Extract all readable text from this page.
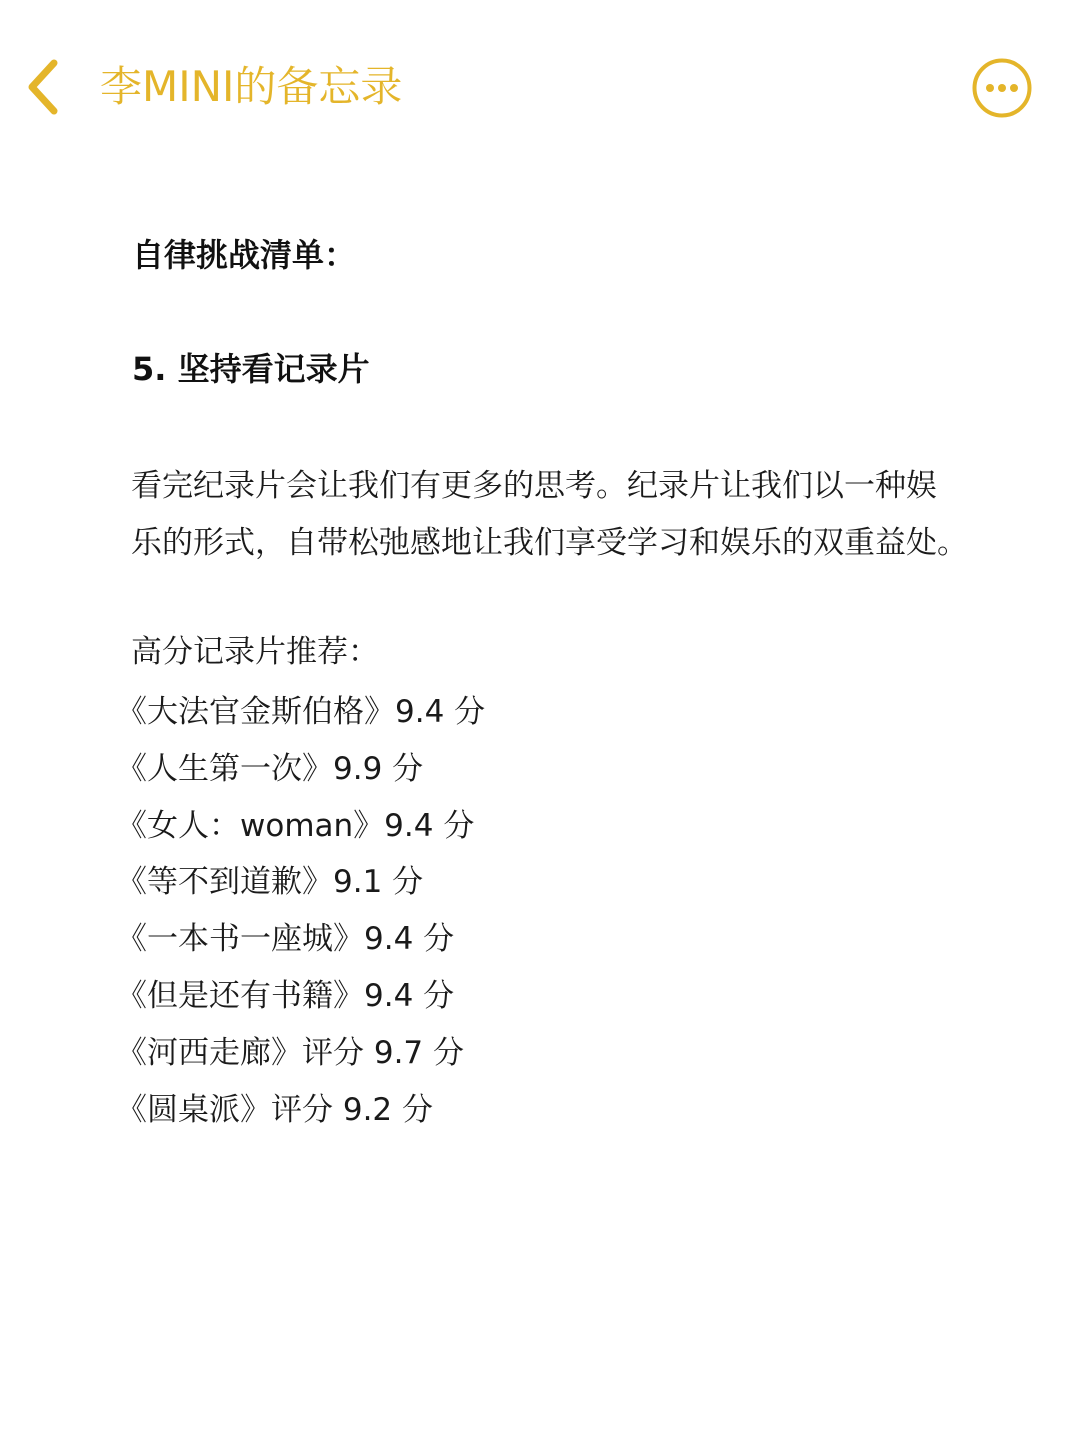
李MINI的备忘录
自律挑战清单：
5. 坚持看记录片
看完纪录片会让我们有更多的思考。纪录片让我们以一种娱
乐的形式，自带松弛感地让我们享受学习和娱乐的双重益处。
高分记录片推荐：
《大法官金斯伯格》9.4 分
《人生第一次》9.9 分
《女人：woman》9.4 分
《等不到道歉》9.1 分
《一本书一座城》9.4 分
《但是还有书籍》9.4 分
《河西走廊》评分 9.7 分
《圆桌派》评分 9.2 分
